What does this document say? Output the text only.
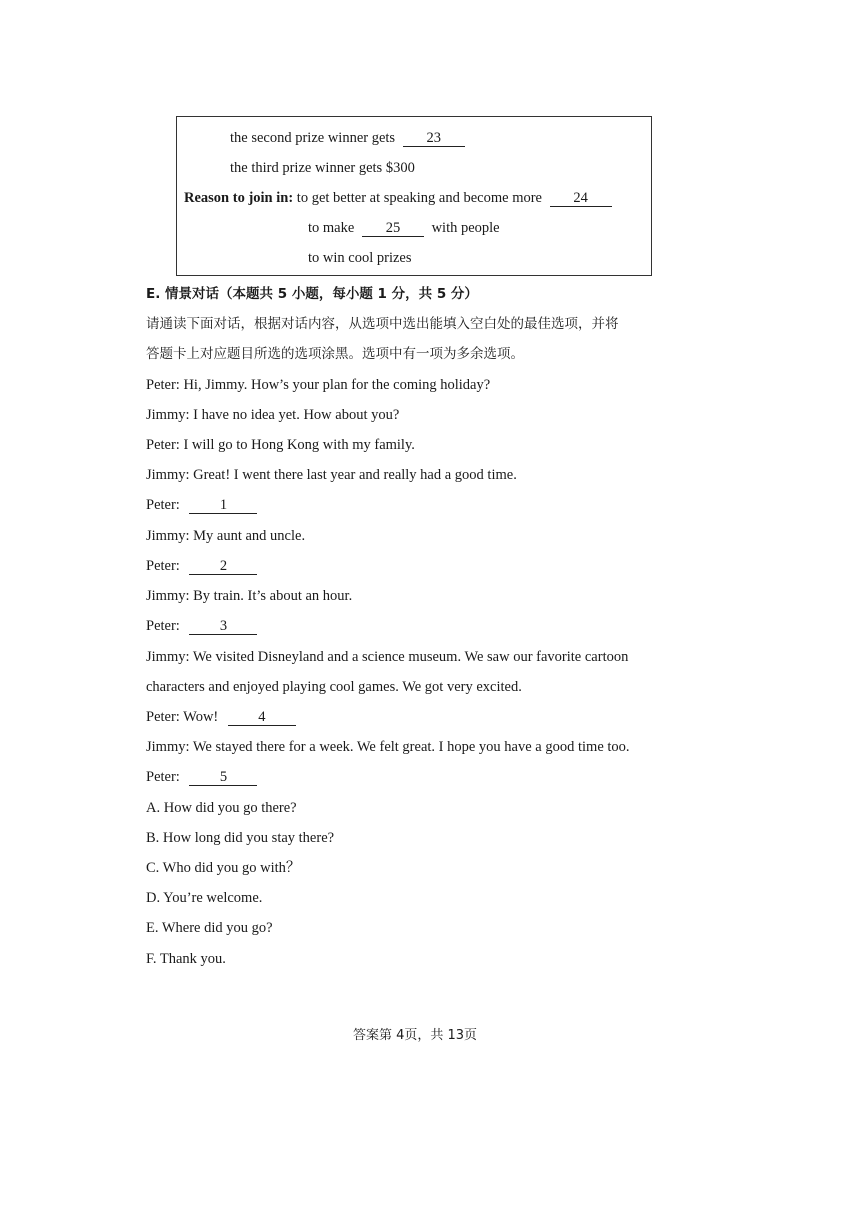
the second prize winner gets 23
the third prize winner gets $300
Reason to join in: to get better at speaking and become more 24
to make 25 with people
to win cool prizes
E. 情景对话（本题共 5 小题，每小题 1 分，共 5 分）
请通读下面对话，根据对话内容，从选项中选出能填入空白处的最佳选项，并将
答题卡上对应题目所选的选项涂黑。选项中有一项为多余选项。
Peter: Hi, Jimmy. How’s your plan for the coming holiday?
Jimmy: I have no idea yet. How about you?
Peter: I will go to Hong Kong with my family.
Jimmy: Great! I went there last year and really had a good time.
Peter:	1
Jimmy: My aunt and uncle.
Peter:	2
Jimmy: By train. It’s about an hour.
Peter:	3
Jimmy: We visited Disneyland and a science museum. We saw our favorite cartoon
characters and enjoyed playing cool games. We got very excited.
Peter: Wow!	4
Jimmy: We stayed there for a week. We felt great. I hope you have a good time too.
Peter:	5
A. How did you go there?
B. How long did you stay there?
C. Who did you go with？
D. You’re welcome.
E. Where did you go?
F. Thank you.
答案第 4页，共 13页
